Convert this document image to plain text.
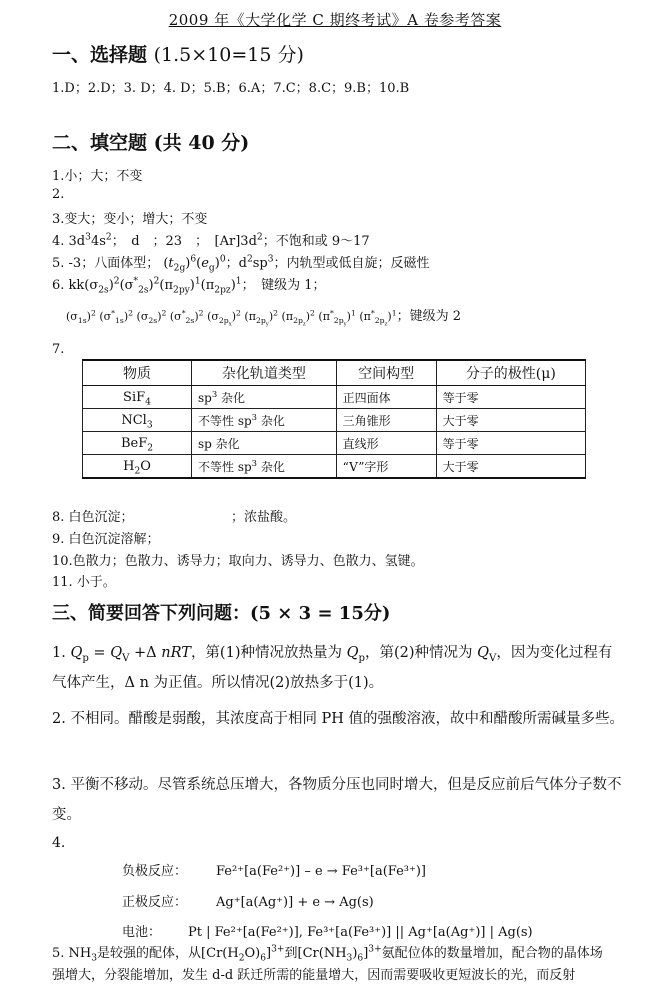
2009 年《大学化学 C 期终考试》A 卷参考答案
一、选择题 (1.5×10=15 分)
1.D；2.D；3. D；4. D；5.B；6.A；7.C；8.C；9.B；10.B
二、填空题 (共 40 分)
1.小；大；不变
2.
3.变大；变小；增大；不变
4. $3d^34s^2$；　d　；23　；　$[Ar]3d^2$；不饱和或 9～17
5. -3；八面体型； $(t_{2g})^6(e_g)^0$；$d^2sp^3$；内轨型或低自旋；反磁性
6. $kk(\sigma_{2s})^2(\sigma^*_{2s})^2(\pi_{2py})^1(\pi_{2pz})^1$；　键级为 1；
$(\sigma_{1s})^2$ $(\sigma^*_{1s})^2$ $(\sigma_{2s})^2$ $(\sigma^*_{2s})^2$ $(\sigma_{2p_x})^2$ $(\pi_{2p_y})^2$ $(\pi_{2p_z})^2$ $(\pi^*_{2p_y})^1$ $(\pi^*_{2p_z})^1$；键级为 2
7.
物质	杂化轨道类型	空间构型	分子的极性(μ)
SiF$_4$	$sp^3$ 杂化	正四面体	等于零
NCl$_3$	不等性 $sp^3$ 杂化	三角锥形	大于零
BeF$_2$	sp 杂化	直线形	等于零
$H_2O$	不等性 $sp^3$ 杂化	“V”字形	大于零
8. 白色沉淀；　　　　　　　　；浓盐酸。
9. 白色沉淀溶解；
10.色散力；色散力、诱导力；取向力、诱导力、色散力、氢键。
11. 小于。
三、简要回答下列问题：(5 × 3 = 15分)
1. $Q_p = Q_V +\Delta$ nRT，第(1)种情况放热量为 $Q_p$，第(2)种情况为 $Q_V$，因为变化过程有
气体产生，Δ n 为正值。所以情况(2)放热多于(1)。
2. 不相同。醋酸是弱酸，其浓度高于相同 PH 值的强酸溶液，故中和醋酸所需碱量多些。
3. 平衡不移动。尽管系统总压增大，各物质分压也同时增大，但是反应前后气体分子数不变。
4.
负极反应： Fe²⁺[a(Fe²⁺)] – e → Fe³⁺[a(Fe³⁺)]
正极反应： Ag⁺[a(Ag⁺)] + e → Ag(s)
电池： Pt | Fe²⁺[a(Fe²⁺)], Fe³⁺[a(Fe³⁺)] || Ag⁺[a(Ag⁺)] | Ag(s)
5. $NH_3$是较强的配体，从$[Cr(H_2O)_6]^{3+}$到$[Cr(NH_3)_6]^{3+}$氨配位体的数量增加，配合物的晶体场
强增大，分裂能增加，发生 d-d 跃迁所需的能量增大，因而需要吸收更短波长的光，而反射
